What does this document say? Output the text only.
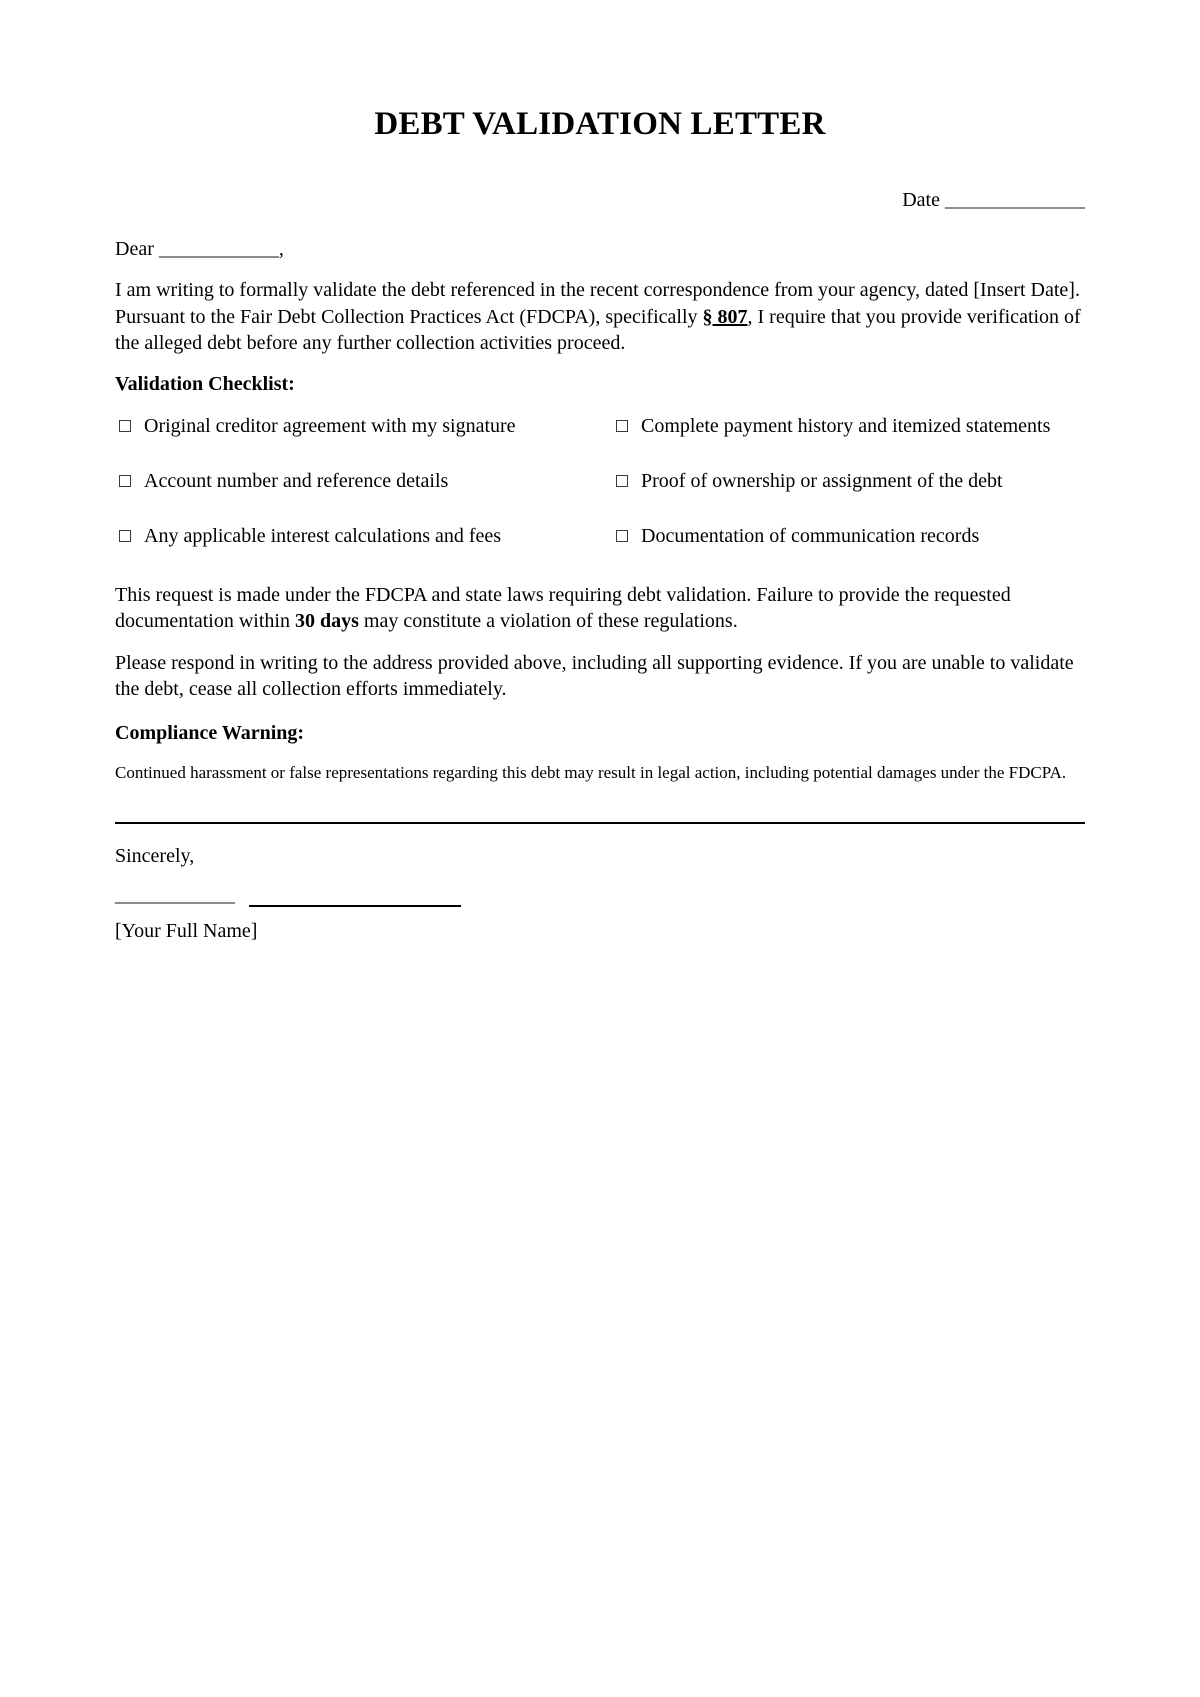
DEBT VALIDATION LETTER
Date ______________
Dear ____________,

I am writing to formally validate the debt referenced in the recent correspondence from your agency, dated [Insert Date]. Pursuant to the Fair Debt Collection Practices Act (FDCPA), specifically § 807, I require that you provide verification of the alleged debt before any further collection activities proceed.

Validation Checklist:
Original creditor agreement with my signature	Complete payment history and itemized statements
Account number and reference details	Proof of ownership or assignment of the debt
Any applicable interest calculations and fees	Documentation of communication records

This request is made under the FDCPA and state laws requiring debt validation. Failure to provide the requested documentation within 30 days may constitute a violation of these regulations.

Please respond in writing to the address provided above, including all supporting evidence. If you are unable to validate the debt, cease all collection efforts immediately.

Compliance Warning:

Continued harassment or false representations regarding this debt may result in legal action, including potential damages under the FDCPA.

Sincerely,
____________
[Your Full Name]
